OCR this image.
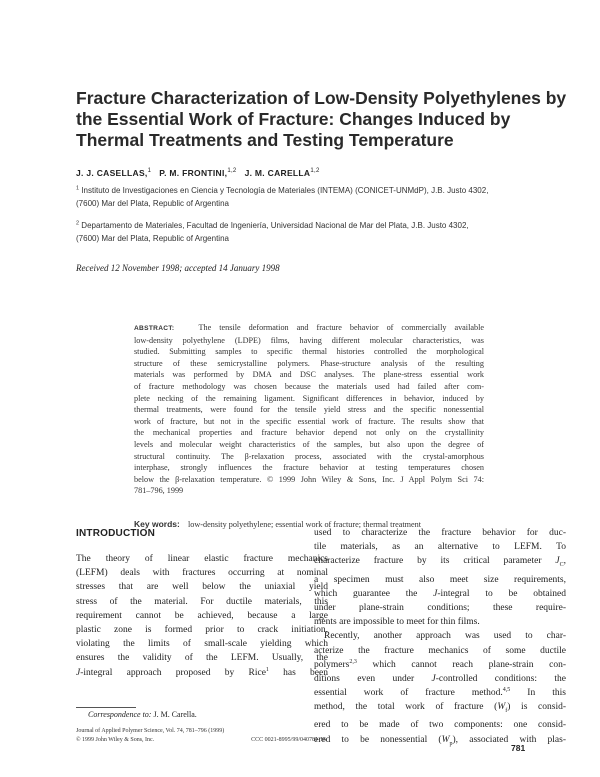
Fracture Characterization of Low-Density Polyethylenes by
the Essential Work of Fracture: Changes Induced by
Thermal Treatments and Testing Temperature
J. J. CASELLAS,$^1$ P. M. FRONTINI,$^{1,2}$ J. M. CARELLA$^{1,2}$
$^1$ Instituto de Investigaciones en Ciencia y Tecnología de Materiales (INTEMA) (CONICET-UNMdP), J.B. Justo 4302,
(7600) Mar del Plata, Republic of Argentina
$^2$ Departamento de Materiales, Facultad de Ingeniería, Universidad Nacional de Mar del Plata, J.B. Justo 4302,
(7600) Mar del Plata, Republic of Argentina
Received 12 November 1998; accepted 14 January 1998
ABSTRACT:	The tensile deformation and fracture behavior of commercially available
low-density polyethylene (LDPE) films, having different molecular characteristics, was
studied. Submitting samples to specific thermal histories controlled the morphological
structure of these semicrystalline polymers. Phase-structure analysis of the resulting
materials was performed by DMA and DSC analyses. The plane-stress essential work
of fracture methodology was chosen because the materials used had failed after com-
plete necking of the remaining ligament. Significant differences in behavior, induced by
thermal treatments, were found for the tensile yield stress and the specific nonessential
work of fracture, but not in the specific essential work of fracture. The results show that
the mechanical properties and fracture behavior depend not only on the crystallinity
levels and molecular weight characteristics of the samples, but also upon the degree of
structural continuity. The β-relaxation process, associated with the crystal-amorphous
interphase, strongly influences the fracture behavior at testing temperatures chosen
below the β-relaxation temperature. © 1999 John Wiley & Sons, Inc. J Appl Polym Sci 74:
781–796, 1999
Key words: low-density polyethylene; essential work of fracture; thermal treatment
INTRODUCTION
The theory of linear elastic fracture mechanics
(LEFM) deals with fractures occurring at nominal
stresses that are well below the uniaxial yield
stress of the material. For ductile materials, this
requirement cannot be achieved, because a large
plastic zone is formed prior to crack initiation,
violating the limits of small-scale yielding which
ensures the validity of the LEFM. Usually, the
J-integral approach proposed by Rice$^1$ has been
used to characterize the fracture behavior for duc-
tile materials, as an alternative to LEFM. To
characterize fracture by its critical parameter $J_C$,
a specimen must also meet size requirements,
which guarantee the J-integral to be obtained
under plane-strain conditions; these require-
ments are impossible to meet for thin films.
Recently, another approach was used to char-
acterize the fracture mechanics of some ductile
polymers$^{2,3}$ which cannot reach plane-strain con-
ditions even under J-controlled conditions: the
essential work of fracture method.$^{4,5}$ In this
method, the total work of fracture $(W_f)$ is consid-
ered to be made of two components: one consid-
ered to be nonessential $(W_p)$, associated with plas-
Correspondence to: J. M. Carella.
Journal of Applied Polymer Science, Vol. 74, 781–796 (1999)
© 1999 John Wiley & Sons, Inc.	CCC 0021-8995/99/040781-16
781
